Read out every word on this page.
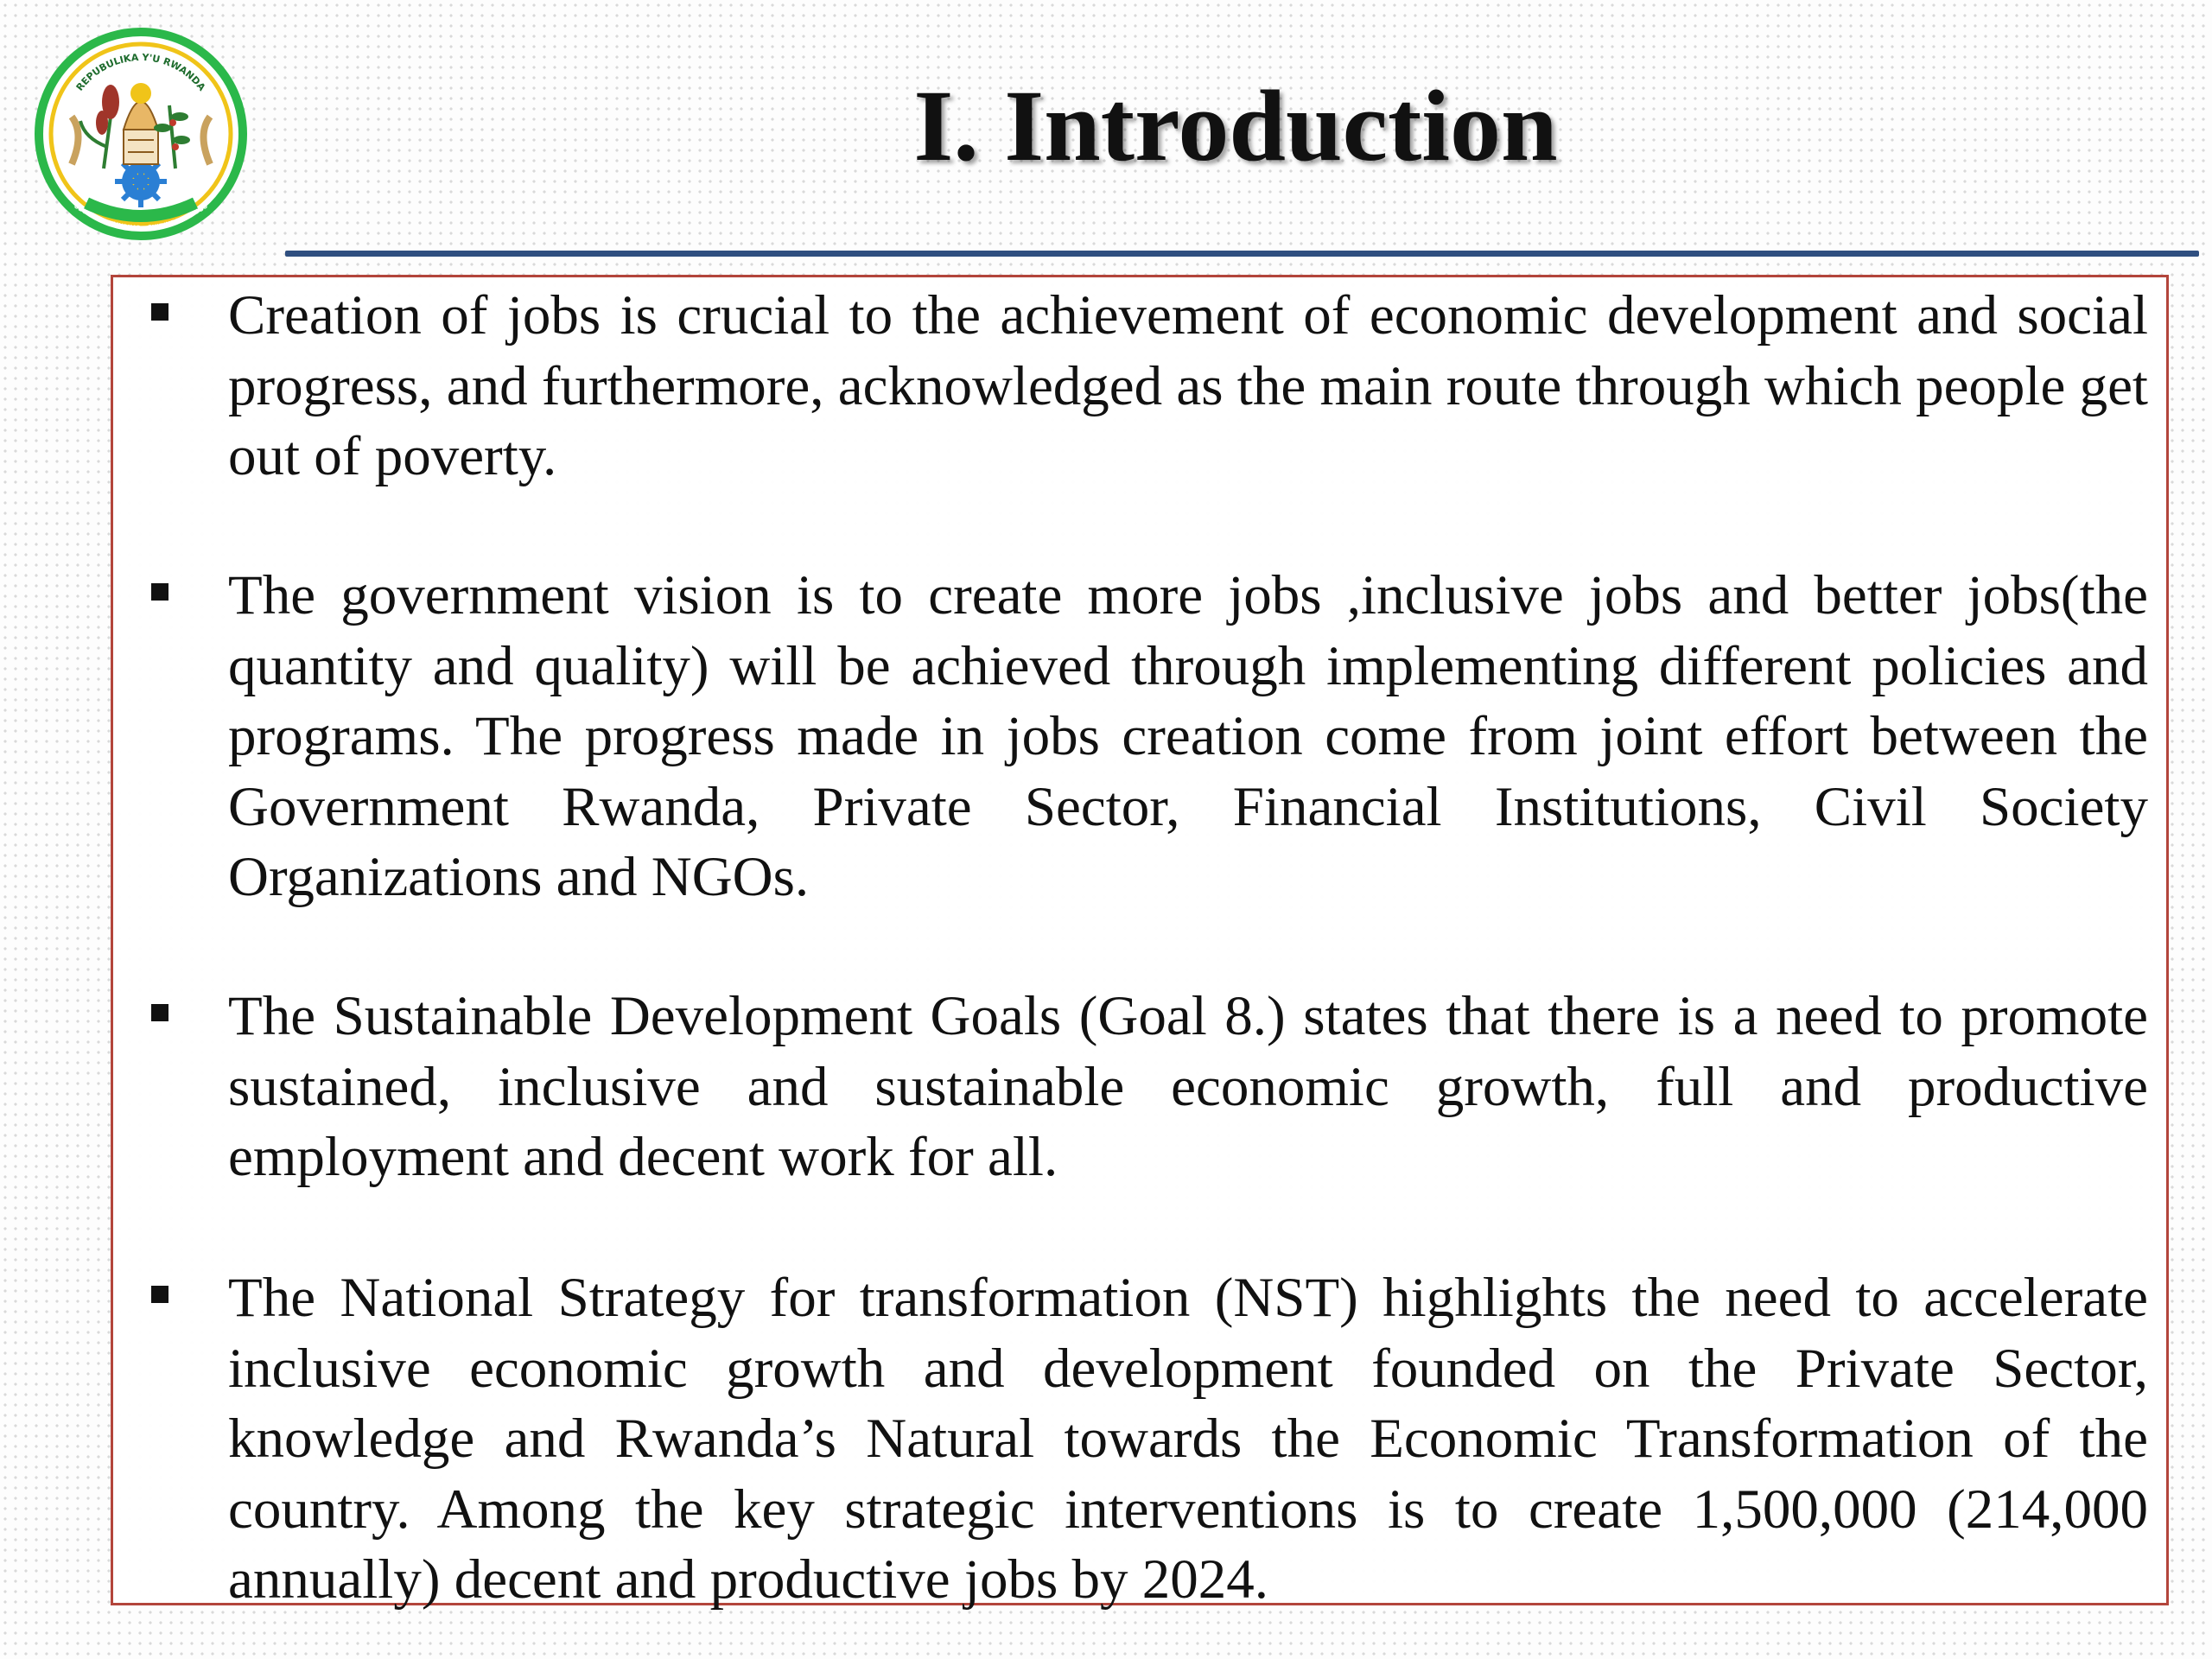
REPUBULIKA Y'U RWANDA
UBUMWE - UMURIMO - GUKUNDA IGIHUGU
I. Introduction

Creation of jobs is crucial to the achievement of economic development and social progress, and furthermore, acknowledged as the main route through which people get out of poverty.

The government vision is to create more jobs ,inclusive jobs and better jobs(the quantity and quality) will be achieved through implementing different policies and programs. The progress made in jobs creation come from joint effort between the Government Rwanda, Private Sector, Financial Institutions, Civil Society Organizations and NGOs.

The Sustainable Development Goals (Goal 8.) states that there is a need to promote sustained, inclusive and sustainable economic growth, full and productive employment and decent work for all.

The National Strategy for transformation (NST) highlights the need to accelerate inclusive economic growth and development founded on the Private Sector, knowledge and Rwanda’s Natural towards the Economic Transformation of the country. Among the key strategic interventions is to create 1,500,000 (214,000 annually) decent and productive jobs by 2024.
